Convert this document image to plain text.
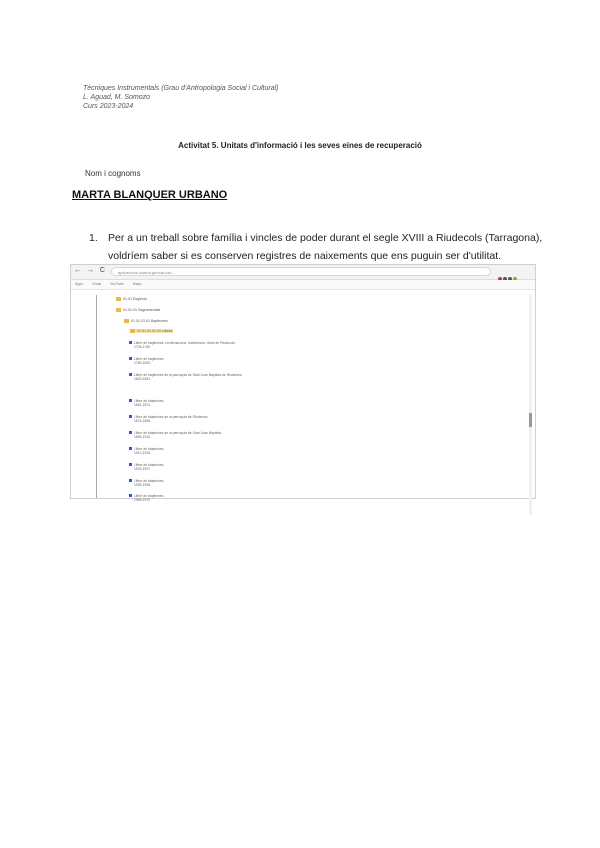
Tècniques Instrumentals (Grau d'Antropologia Social i Cultural)
L. Aguad, M. Somozo
Curs 2023-2024
Activitat 5. Unitats d'informació i les seves eines de recuperació
Nom i cognoms
MARTA BLANQUER URBANO
1. Per a un treball sobre família i vincles de poder durant el segle XVIII a Riudecols (Tarragona), voldríem saber si es conserven registres de naixements que ens puguin ser d'utilitat.
← → C	aplicacions.cultura.gencat.cat/...
Apps	Gmail	YouTube	Maps
01.01 Església
01.01.01 Sagramentals
01.01.01.01 Baptismes
01.01.01.01.01 Llibres
Llibre de baptismes, confirmacions, matrimonis i òbits de Riudecols
1726-1780
Llibre de baptismes
1780-1820
Llibre de baptismes de la parròquia de Sant Joan Baptista de Riudecols
1820-1851
Llibre de baptismes
1851-1874
Llibre de baptismes de la parròquia de Riudecols
1874-1896
Llibre de baptismes de la parròquia de Sant Joan Baptista
1896-1910
Llibre de baptismes
1910-1925
Llibre de baptismes
1925-1937
Llibre de baptismes
1939-1955
Llibre de baptismes
1955-1970
